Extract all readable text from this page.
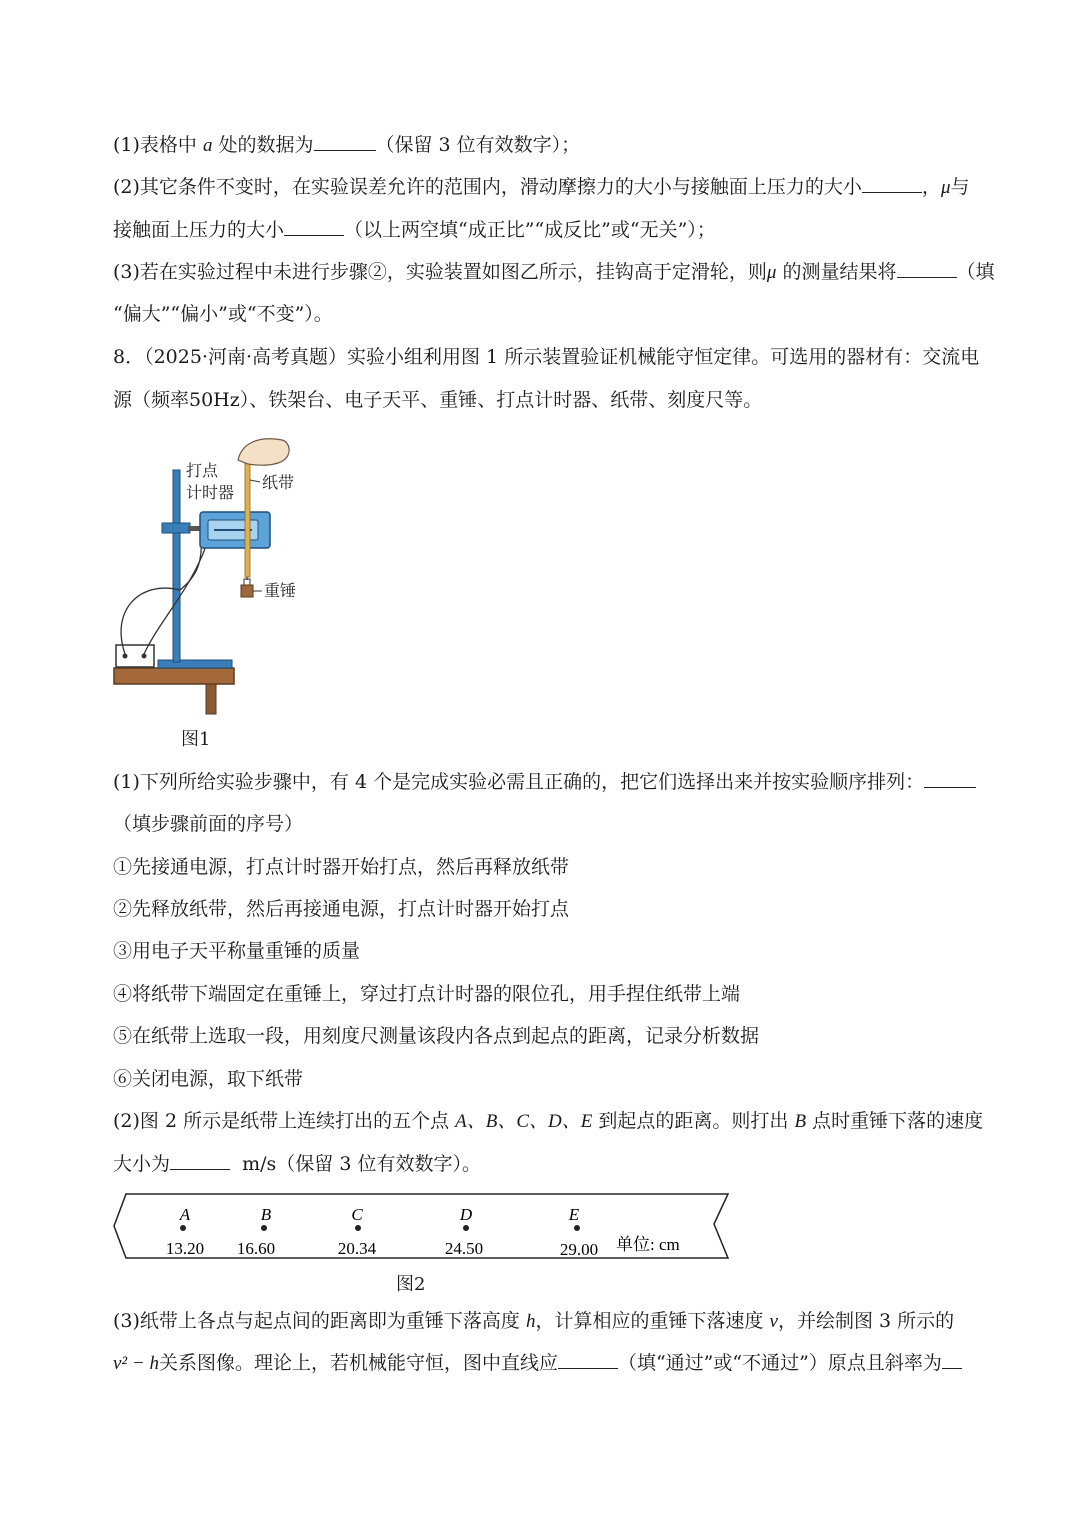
(1)表格中 a 处的数据为	（保留 3 位有效数字）；
(2)其它条件不变时，在实验误差允许的范围内，滑动摩擦力的大小与接触面上压力的大小	，μ与
接触面上压力的大小	（以上两空填“成正比”“成反比”或“无关”）；
(3)若在实验过程中未进行步骤②，实验装置如图乙所示，挂钩高于定滑轮，则μ 的测量结果将	（填
“偏大”“偏小”或“不变”）。
8．（2025·河南·高考真题）实验小组利用图 1 所示装置验证机械能守恒定律。可选用的器材有：交流电
源（频率50Hz）、铁架台、电子天平、重锤、打点计时器、纸带、刻度尺等。
打点
计时器
纸带
重锤
图1
(1)下列所给实验步骤中，有 4 个是完成实验必需且正确的，把它们选择出来并按实验顺序排列：
（填步骤前面的序号）
①先接通电源，打点计时器开始打点，然后再释放纸带
②先释放纸带，然后再接通电源，打点计时器开始打点
③用电子天平称量重锤的质量
④将纸带下端固定在重锤上，穿过打点计时器的限位孔，用手捏住纸带上端
⑤在纸带上选取一段，用刻度尺测量该段内各点到起点的距离，记录分析数据
⑥关闭电源，取下纸带
(2)图 2 所示是纸带上连续打出的五个点 A、B、C、D、E 到起点的距离。则打出 B 点时重锤下落的速度
大小为	m/s（保留 3 位有效数字）。
A
13.20
B
16.60
C
20.34
D
24.50
E
29.00 单位: cm
图2
(3)纸带上各点与起点间的距离即为重锤下落高度 h，计算相应的重锤下落速度 v，并绘制图 3 所示的
v² − h关系图像。理论上，若机械能守恒，图中直线应	（填“通过”或“不通过”）原点且斜率为
